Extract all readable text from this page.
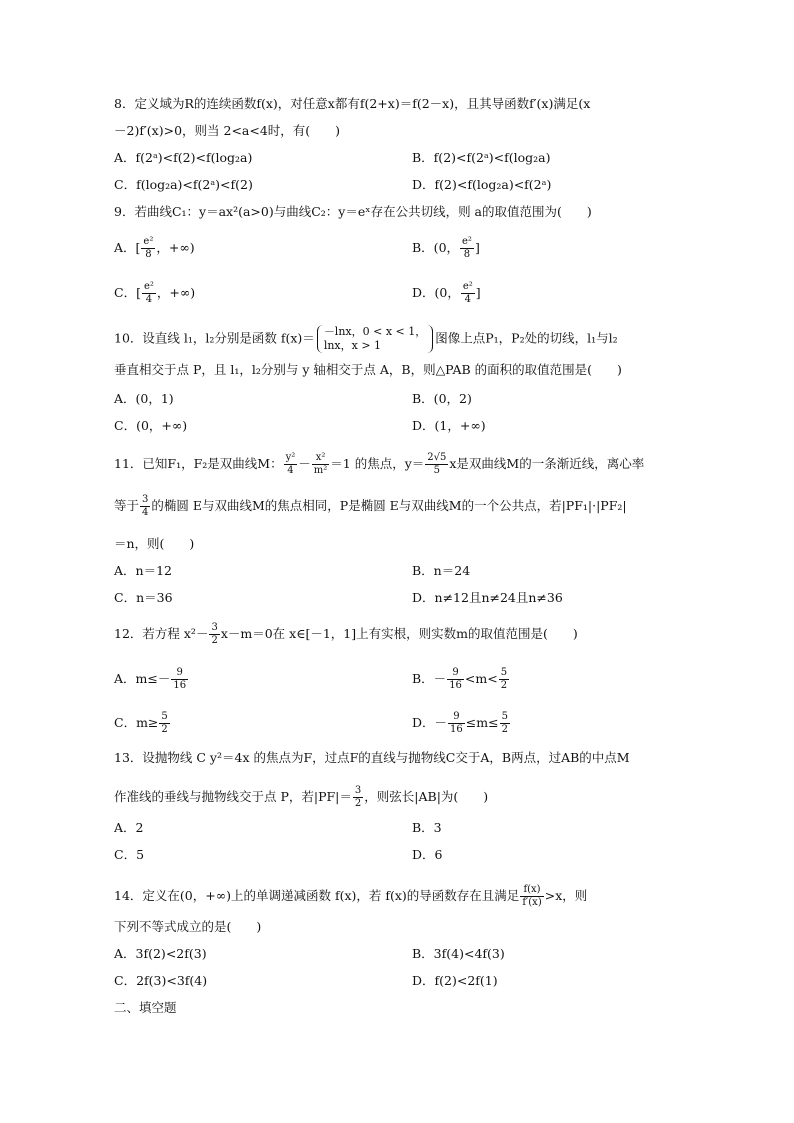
8．定义域为R的连续函数f(x)，对任意x都有f(2+x)＝f(2－x)，且其导函数f′(x)满足(x
－2)f′(x)>0，则当 2<a<4时，有(　　)
A．f(2ᵃ)<f(2)<f(log₂a)	B．f(2)<f(2ᵃ)<f(log₂a)
C．f(log₂a)<f(2ᵃ)<f(2)	D．f(2)<f(log₂a)<f(2ᵃ)
9．若曲线C₁：y＝ax²(a>0)与曲线C₂：y＝eˣ存在公共切线，则 a的取值范围为(　　)
A．[ $\frac{\text{e²}}{8}$ ，+∞)	B．(0， $\frac{\text{e²}}{8}$ ]
C．[ $\frac{\text{e²}}{4}$ ，+∞)	D．(0， $\frac{\text{e²}}{4}$ ]
10．设直线 l₁，l₂分别是函数 f(x)＝ －lnx，0 < x < 1，
lnx，x > 1	图像上点P₁，P₂处的切线，l₁与l₂
垂直相交于点 P，且 l₁，l₂分别与 y 轴相交于点 A，B，则△PAB 的面积的取值范围是(　　)
A．(0，1)	B．(0，2)
C．(0，+∞)	D．(1，+∞)
11．已知F₁，F₂是双曲线M： $\frac{\text{y²}}{4} - \frac{\text{x²}}{\text{m²}} =1$ 的焦点，$y= \frac{2√5}{5}$ x是双曲线M的一条渐近线，离心率
等于 $\frac{3}{4}$ 的椭圆 E与双曲线M的焦点相同，P是椭圆 E与双曲线M的一个公共点，若|PF₁|·|PF₂|
＝n，则(　　)
A．n＝12	B．n＝24
C．n＝36	D．n≠12且n≠24且n≠36
12．若方程 $x^2- \frac{3}{2} x-m=0$在 x∈[－1，1]上有实根，则实数m的取值范围是(　　)
A．$m\le- \frac{9}{16}$	B．－ $\frac{9}{16} <m< \frac{5}{2}$
C．$m\ge \frac{5}{2}$	D．－ $\frac{9}{16} \le m\le \frac{5}{2}$
13．设抛物线 C y²＝4x 的焦点为F，过点F的直线与抛物线C交于A，B两点，过AB的中点M
作准线的垂线与抛物线交于点 P，若$|PF|= \frac{3}{2}$ ，则弦长|AB|为(　　)
A．2	B．3
C．5	D．6
14．定义在(0，+∞)上的单调递减函数 f(x)，若 f(x)的导函数存在且满足 $\frac{f(x)}{f'(x)} >x$，则
下列不等式成立的是(　　)
A．3f(2)<2f(3)	B．3f(4)<4f(3)
C．2f(3)<3f(4)	D．f(2)<2f(1)
二、填空题
